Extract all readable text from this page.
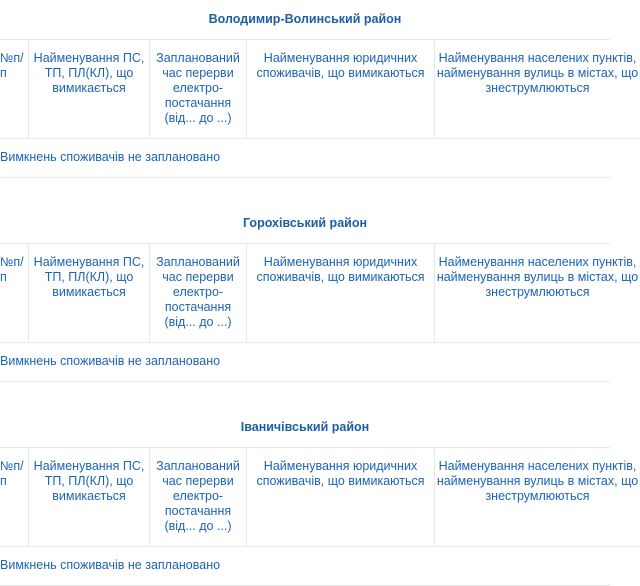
Володимир-Волинський район
№п/п
Найменування ПС, ТП, ПЛ(КЛ), що вимикається
Запланований час перерви електро-постачання (від... до ...)
Найменування юридичних споживачів, що вимикаються
Найменування населених пунктів, найменування вулиць в містах, що знеструмлюються
Вимкнень споживачів не заплановано
Горохівський район
№п/п
Найменування ПС, ТП, ПЛ(КЛ), що вимикається
Запланований час перерви електро-постачання (від... до ...)
Найменування юридичних споживачів, що вимикаються
Найменування населених пунктів, найменування вулиць в містах, що знеструмлюються
Вимкнень споживачів не заплановано
Іваничівський район
№п/п
Найменування ПС, ТП, ПЛ(КЛ), що вимикається
Запланований час перерви електро-постачання (від... до ...)
Найменування юридичних споживачів, що вимикаються
Найменування населених пунктів, найменування вулиць в містах, що знеструмлюються
Вимкнень споживачів не заплановано
